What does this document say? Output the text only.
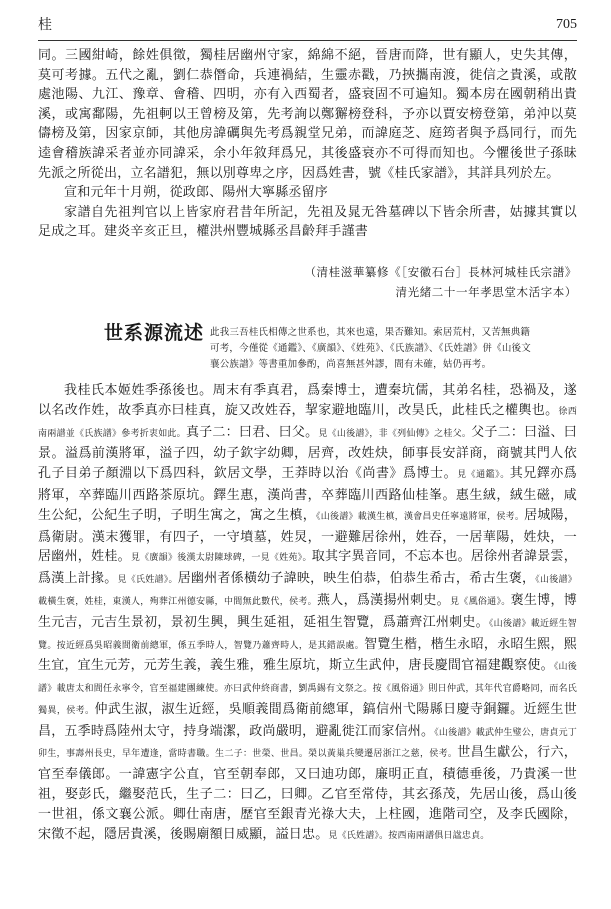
桂	705

同。三國紺崎，餘姓俱徵，獨桂居幽州守家，綿綿不絕，晉唐而降，世有顯人，史失其傳，莫可考據。五代之亂，劉仁恭僭命，兵連禍結，生靈赤戳，乃挾攜南渡，徙信之貴溪，或散處池陽、九江、豫章、會稽、四明，亦有入西蜀者，盛衰固不可遍知。獨本房在國朝稍出貴溪，或寓鄱陽，先祖軻以王曾榜及第，先考詢以鄭獬榜登科，予亦以賈安榜登第，弟沖以莫儔榜及第，因家京師，其他房諱礪與先考爲親堂兄弟，而諱庭芝、庭筠者與予爲同行，而先逵會稽族諱采者並亦同諱采，余小年敘拜爲兄，其後盛衰亦不可得而知也。今懼後世子孫昧先派之所從出，立名譜犯，無以別尊卑之序，因爲姓書，號《桂氏家譜》，其詳具列於左。

宣和元年十月朔，從政郎、陽州大寧縣丞留序

家譜自先祖判官以上皆家府君昔年所記，先祖及晁无咎墓碑以下皆余所書，姑據其實以足成之耳。建炎辛亥正旦，權洪州豐城縣丞昌齡拜手謹書

（清桂滋華纂修《［安徽石台］長林河城桂氏宗譜》
清光緒二十一年孝思堂木活字本）

世系源流述 此我三吾桂氏相傳之世系也，其來也遠，果否難知。索居荒村，又苦無典籍
可考，今僅從《通鑑》、《廣韻》、《姓苑》、《氏族譜》、《氏姓譜》併《山後文
襄公族譜》等書重加參酌，尚喜無甚舛謬，間有未確，姑仍再考。

我桂氏本姬姓季孫後也。周末有季真君，爲秦博士，遭秦坑儒，其弟名桂，恐禍及，遂以名改作姓，故季真亦曰桂真，旋又改姓吞，挈家避地臨川，改昊氏，此桂氏之權輿也。徐西南兩譜並《氏族譜》參考折衷如此。真子二：曰君、曰父。見《山後譜》，非《列仙傳》之桂父。父子二：曰溢、曰景。溢爲前漢將軍，溢子四，幼子欽字幼卿，居齊，改姓炔，師事長安詳商，商號其門人依孔子目弟子顏淵以下爲四科，欽居文學，王莽時以治《尚書》爲博士。見《通鑑》。其兄鐸亦爲將軍，卒葬臨川西路茶原坑。鐸生惠，漢尚書，卒葬臨川西路仙桂峯。惠生絨，絨生磁，咸生公紀，公紀生子明，子明生寓之，寓之生槙，《山後譜》載漢生槙，漢會昌史任寧遠將軍，侯考。居城陽，爲衛尉。漢末獲罪，有四子，一守墳墓，姓炅，一避難居徐州，姓吞，一居華陽，姓炔，一居幽州，姓桂。見《廣韻》後漢太尉陳球碑，一見《姓苑》。取其字異音同，不忘本也。居徐州者諱景雲，爲漢上計掾。見《氏姓譜》。居幽州者係橫幼子諱映，映生伯恭，伯恭生希古，希古生褒，《山後譜》載橫生褒，姓桂，東漢人，殉葬江州德安縣，中間無此數代，侯考。燕人，爲漢揚州刺史。見《風俗通》。褒生博，博生元吉，元吉生景初，景初生興，興生延祖，延祖生智覽，爲蕭齊江州刺史。《山後譜》載近經生智覽。按近經爲吳昭義間衛前總軍，係五季時人，智覽乃蕭齊時人，是其錯誤處。智覽生楷，楷生永昭，永昭生熙，熙生宜，宜生元芳，元芳生義，義生雅，雅生原坑，斯立生武仲，唐長慶間官福建觀察使。《山後譜》載唐太和間任永寧令，官至福建團練使。亦曰武仲終商書，劉禹錫有文祭之。按《風俗通》則日仲武，其年代官爵略同，而名氏獨異，侯考。仲武生淑，淑生近經，吳順義間爲衛前總軍，鎬信州弋陽縣日慶寺銅鑼。近經生世昌，五季時爲陸州太守，持身端潔，政尚嚴明，避亂徙江而家信州。《山後譜》載武仲生璧公，唐貞元丁卯生，事壽州長史，早年遭逢，當時書職。生二子：世榮、世昌。榮以黃巢兵變遷居浙江之慈，侯考。世昌生獻公，行六，官至奉儀郎。一諱憲字公直，官至朝奉郎，又曰迪功郎，廉明正直，積德垂後，乃貴溪一世祖，娶彭氏，繼娶范氏，生子二：曰乙，曰卿。乙官至常侍，其玄孫茂，先居山後，爲山後一世祖，係文襄公派。卿仕南唐，歷官至銀青光祿大夫，上柱國，進階司空，及李氏國除，宋徵不起，隱居貴溪，後賜廟額日威顯，謚日忠。見《氏姓譜》。按西南兩譜俱日諡忠貞。
